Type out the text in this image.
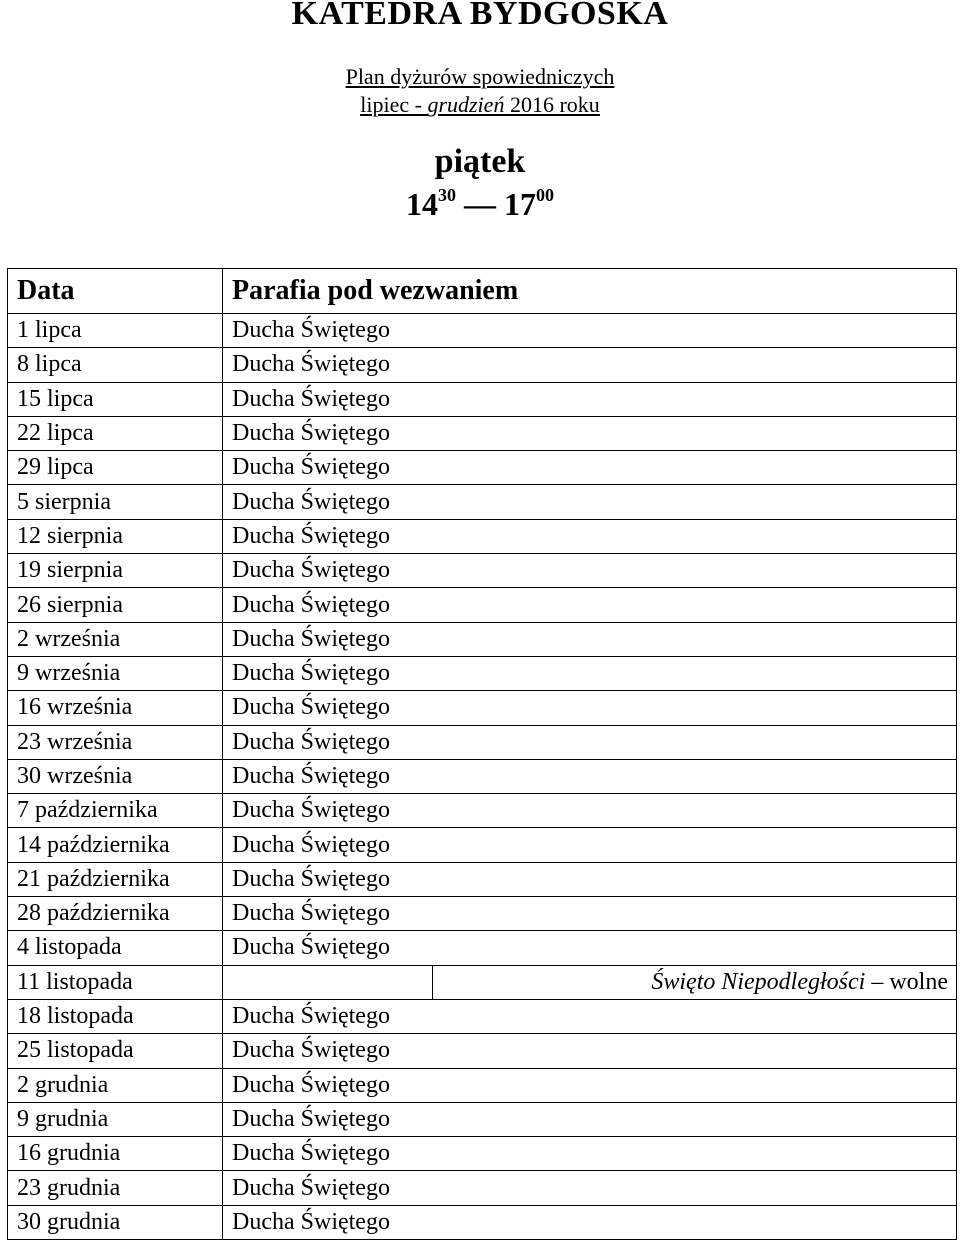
KATEDRA BYDGOSKA
Plan dyżurów spowiedniczych
lipiec - grudzień 2016 roku
piątek
$14^{30}$ — $17^{00}$
Data	Parafia pod wezwaniem	
1 lipca	Ducha Świętego	
8 lipca	Ducha Świętego	
15 lipca	Ducha Świętego	
22 lipca	Ducha Świętego	
29 lipca	Ducha Świętego	
5 sierpnia	Ducha Świętego	
12 sierpnia	Ducha Świętego	
19 sierpnia	Ducha Świętego	
26 sierpnia	Ducha Świętego	
2 września	Ducha Świętego	
9 września	Ducha Świętego	
16 września	Ducha Świętego	
23 września	Ducha Świętego	
30 września	Ducha Świętego	
7 października	Ducha Świętego	
14 października	Ducha Świętego	
21 października	Ducha Świętego	
28 października	Ducha Świętego	
4 listopada	Ducha Świętego	
11 listopada		Święto Niepodległości – wolne
18 listopada	Ducha Świętego	
25 listopada	Ducha Świętego	
2 grudnia	Ducha Świętego	
9 grudnia	Ducha Świętego	
16 grudnia	Ducha Świętego	
23 grudnia	Ducha Świętego	
30 grudnia	Ducha Świętego	
